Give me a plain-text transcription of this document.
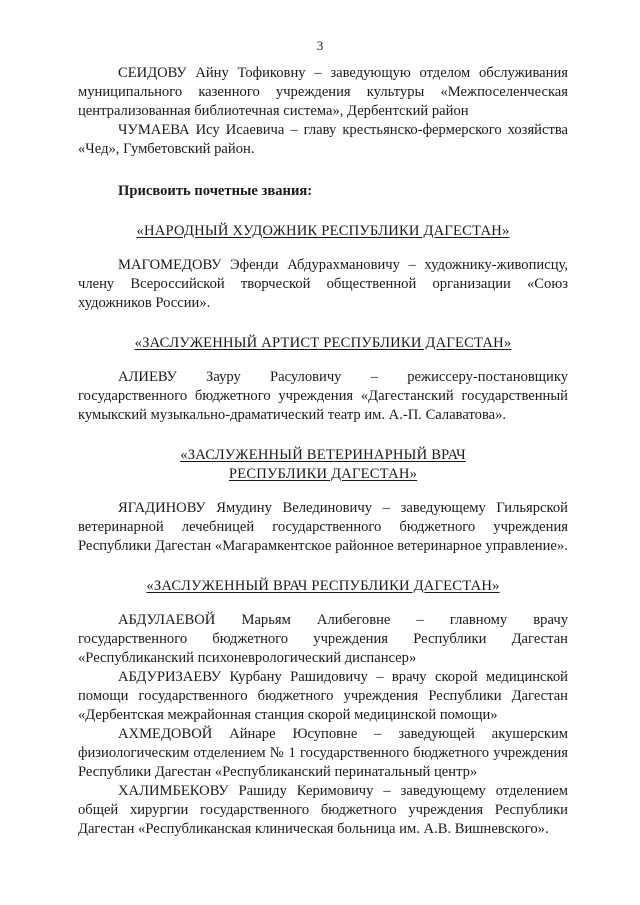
3

СЕИДОВУ Айну Тофиковну – заведующую отделом обслуживания муниципального казенного учреждения культуры «Межпоселенческая централизованная библиотечная система», Дербентский район

ЧУМАЕВА Ису Исаевича – главу крестьянско-фермерского хозяйства «Чед», Гумбетовский район.

Присвоить почетные звания:

«НАРОДНЫЙ ХУДОЖНИК РЕСПУБЛИКИ ДАГЕСТАН»

МАГОМЕДОВУ Эфенди Абдурахмановичу – художнику-живописцу, члену Всероссийской творческой общественной организации «Союз художников России».

«ЗАСЛУЖЕННЫЙ АРТИСТ РЕСПУБЛИКИ ДАГЕСТАН»

АЛИЕВУ Зауру Расуловичу – режиссеру-постановщику государственного бюджетного учреждения «Дагестанский государственный кумыкский музыкально-драматический театр им. А.-П. Салаватова».

«ЗАСЛУЖЕННЫЙ ВЕТЕРИНАРНЫЙ ВРАЧ
РЕСПУБЛИКИ ДАГЕСТАН»

ЯГАДИНОВУ Ямудину Велединовичу – заведующему Гильярской ветеринарной лечебницей государственного бюджетного учреждения Республики Дагестан «Магарамкентское районное ветеринарное управление».

«ЗАСЛУЖЕННЫЙ ВРАЧ РЕСПУБЛИКИ ДАГЕСТАН»

АБДУЛАЕВОЙ Марьям Алибеговне – главному врачу государственного бюджетного учреждения Республики Дагестан «Республиканский психоневрологический диспансер»

АБДУРИЗАЕВУ Курбану Рашидовичу – врачу скорой медицинской помощи государственного бюджетного учреждения Республики Дагестан «Дербентская межрайонная станция скорой медицинской помощи»

АХМЕДОВОЙ Айнаре Юсуповне – заведующей акушерским физиологическим отделением № 1 государственного бюджетного учреждения Республики Дагестан «Республиканский перинатальный центр»

ХАЛИМБЕКОВУ Рашиду Керимовичу – заведующему отделением общей хирургии государственного бюджетного учреждения Республики Дагестан «Республиканская клиническая больница им. А.В. Вишневского».
